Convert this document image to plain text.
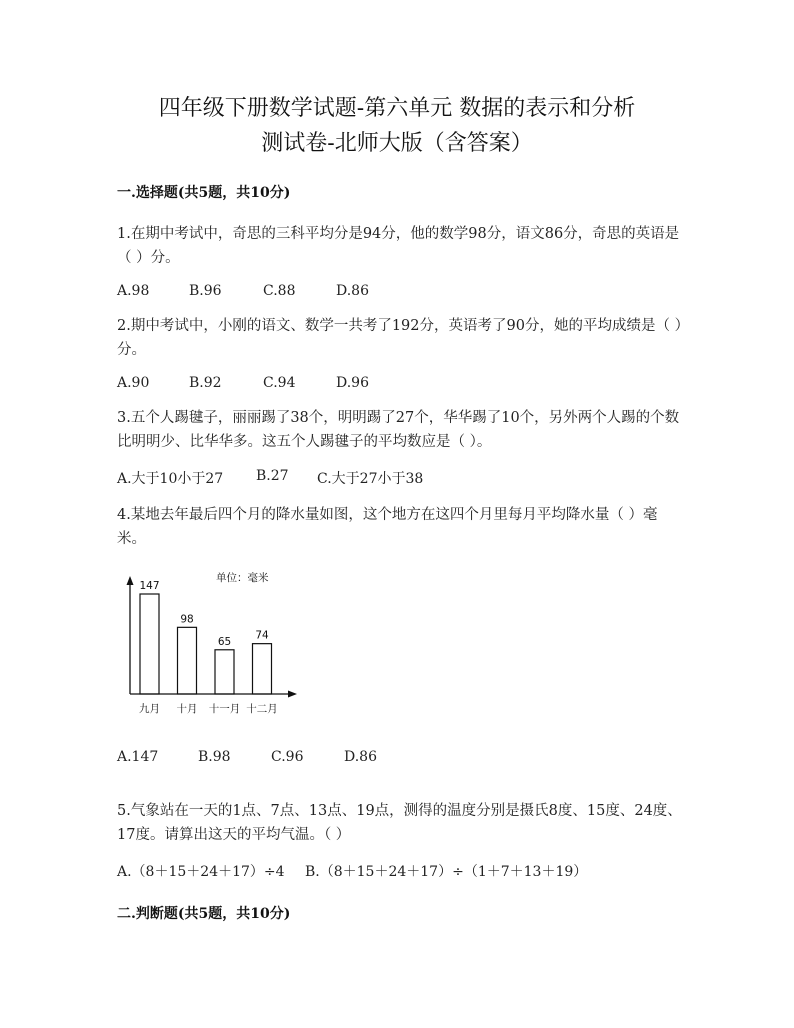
四年级下册数学试题-第六单元 数据的表示和分析
测试卷-北师大版（含答案）
一.选择题(共5题，共10分)
1.在期中考试中，奇思的三科平均分是94分，他的数学98分，语文86分，奇思的英语是（ ）分。
A.98	B.96	C.88	D.86
2.期中考试中，小刚的语文、数学一共考了192分，英语考了90分，她的平均成绩是（ ）分。
A.90	B.92	C.94	D.96
3.五个人踢毽子，丽丽踢了38个，明明踢了27个，华华踢了10个，另外两个人踢的个数比明明少、比华华多。这五个人踢毽子的平均数应是（ ）。
A.大于10小于27 B.27 C.大于27小于38
4.某地去年最后四个月的降水量如图，这个地方在这四个月里每月平均降水量（ ）毫米。
单位：毫米
147
九月
98
十月
65
十一月
74
十二月
A.147	B.98	C.96	D.86
5.气象站在一天的1点、7点、13点、19点，测得的温度分别是摄氏8度、15度、24度、17度。请算出这天的平均气温。（ ）
A.（8＋15＋24＋17）÷4 B.（8＋15＋24＋17）÷（1＋7＋13＋19）
二.判断题(共5题，共10分)
